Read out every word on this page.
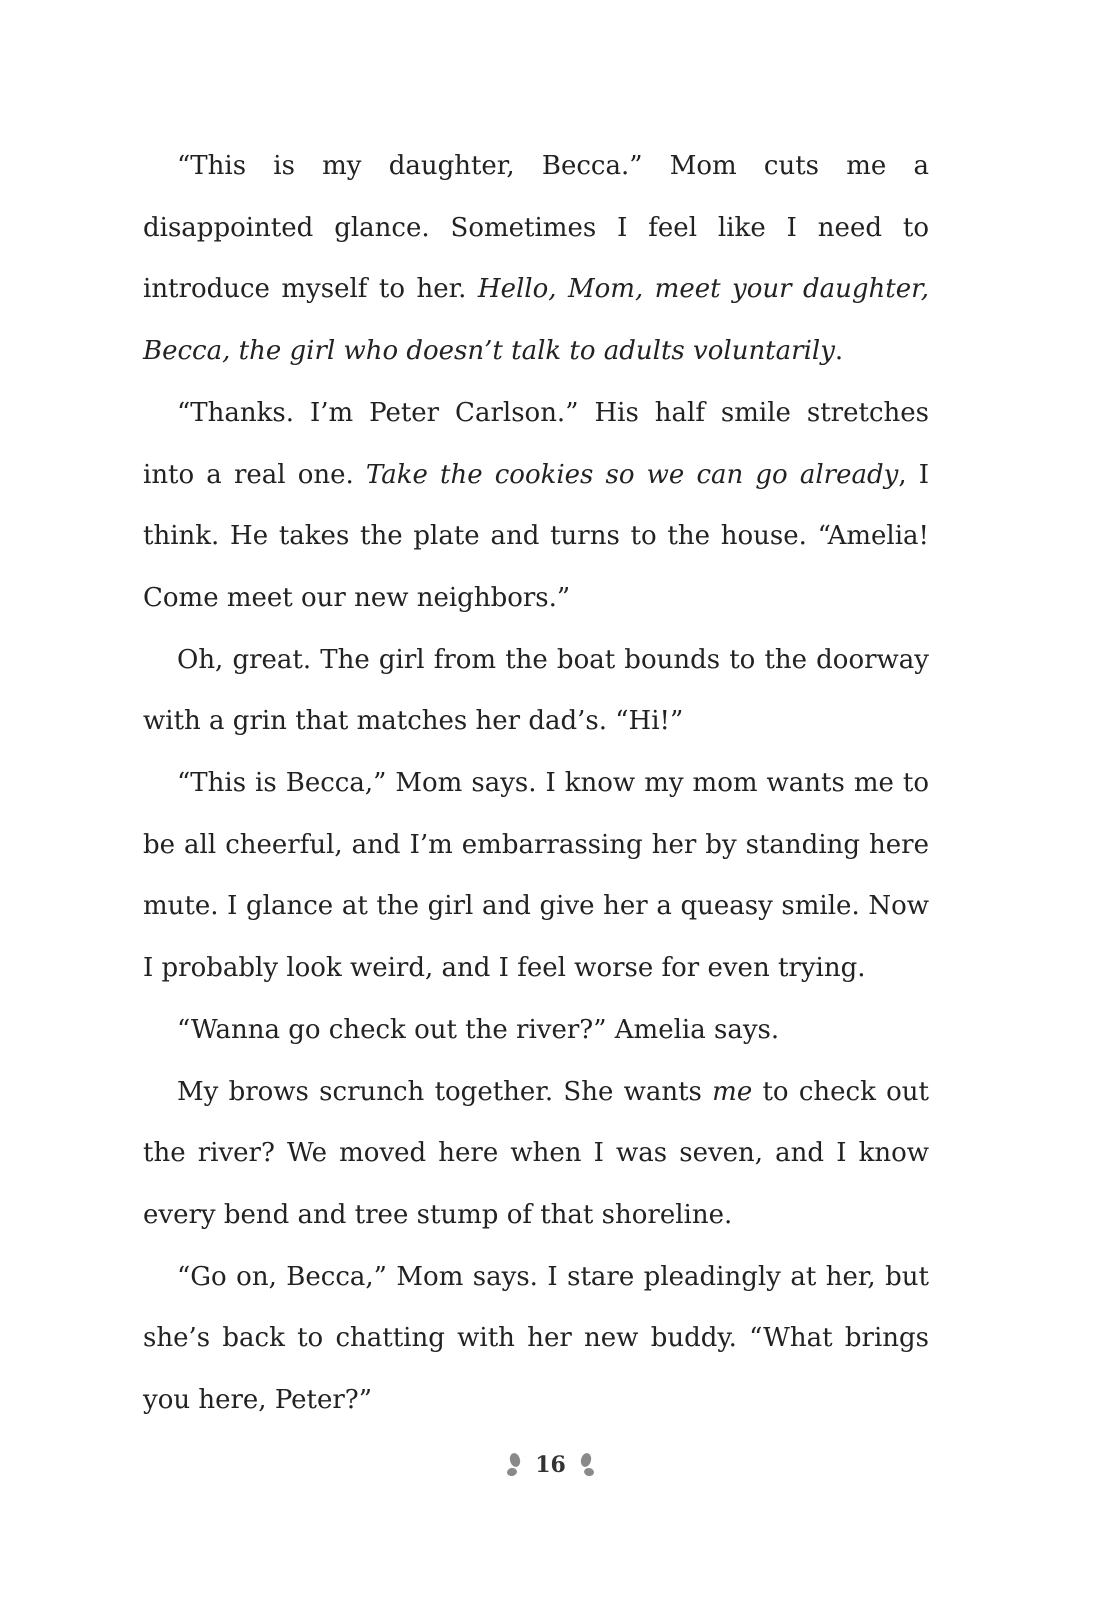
“This is my daughter, Becca.” Mom cuts me a disappointed glance. Sometimes I feel like I need to introduce myself to her. Hello, Mom, meet your daughter, Becca, the girl who doesn’t talk to adults voluntarily.

“Thanks. I’m Peter Carlson.” His half smile stretches into a real one. Take the cookies so we can go already, I think. He takes the plate and turns to the house. “Amelia! Come meet our new neighbors.”

Oh, great. The girl from the boat bounds to the doorway with a grin that matches her dad’s. “Hi!”

“This is Becca,” Mom says. I know my mom wants me to be all cheerful, and I’m embarrassing her by standing here mute. I glance at the girl and give her a queasy smile. Now I probably look weird, and I feel worse for even trying.

“Wanna go check out the river?” Amelia says.

My brows scrunch together. She wants me to check out the river? We moved here when I was seven, and I know every bend and tree stump of that shoreline.

“Go on, Becca,” Mom says. I stare pleadingly at her, but she’s back to chatting with her new buddy. “What brings you here, Peter?”

16
